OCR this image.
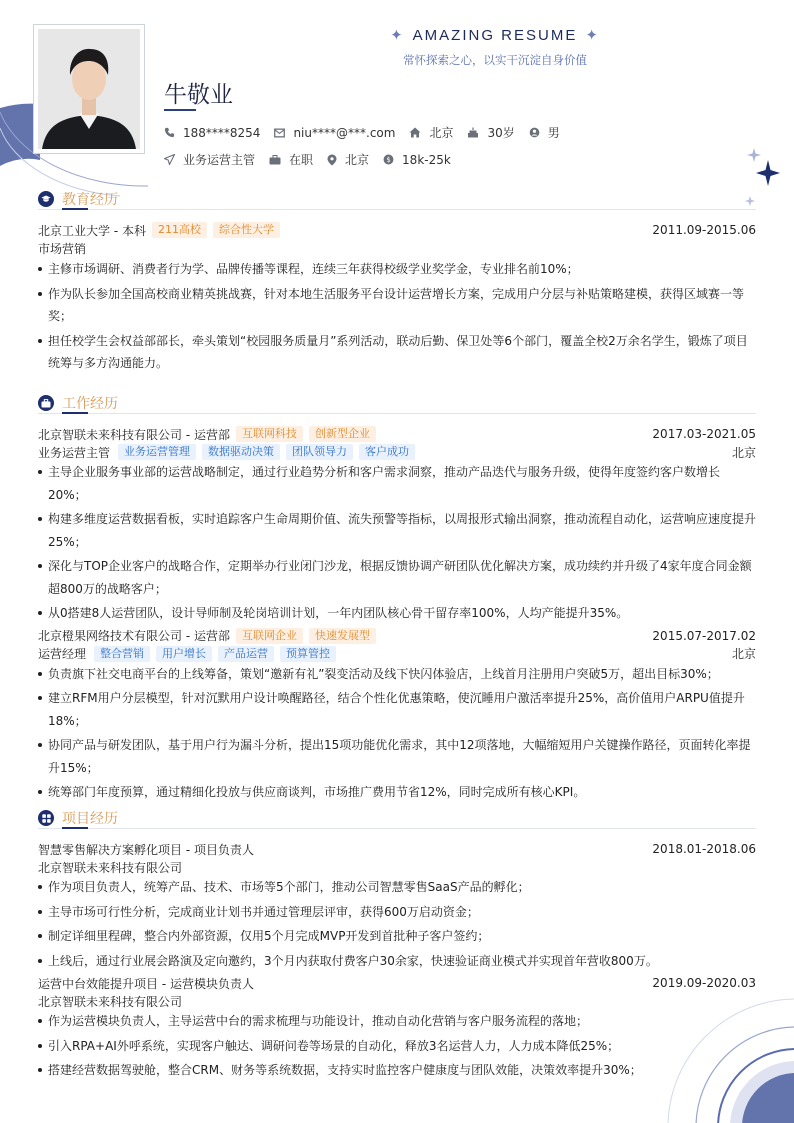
✦ AMAZING RESUME ✦
常怀探索之心，以实干沉淀自身价值
牛敬业
188****8254	niu****@***.com	北京	30岁	男
业务运营主管	在职	北京 $ 18k-25k
教育经历
北京工业大学 - 本科	211高校	综合性大学	2011.09-2015.06
市场营销
主修市场调研、消费者行为学、品牌传播等课程，连续三年获得校级学业奖学金，专业排名前10%；
作为队长参加全国高校商业精英挑战赛，针对本地生活服务平台设计运营增长方案，完成用户分层与补贴策略建模，获得区域赛一等奖；
担任校学生会权益部部长，牵头策划“校园服务质量月”系列活动，联动后勤、保卫处等6个部门，覆盖全校2万余名学生，锻炼了项目统筹与多方沟通能力。
工作经历
北京智联未来科技有限公司 - 运营部	互联网科技	创新型企业	2017.03-2021.05
业务运营主管	业务运营管理	数据驱动决策	团队领导力	客户成功	北京
主导企业服务事业部的运营战略制定，通过行业趋势分析和客户需求洞察，推动产品迭代与服务升级，使得年度签约客户数增长20%；
构建多维度运营数据看板，实时追踪客户生命周期价值、流失预警等指标，以周报形式输出洞察，推动流程自动化，运营响应速度提升25%；
深化与TOP企业客户的战略合作，定期举办行业闭门沙龙，根据反馈协调产研团队优化解决方案，成功续约并升级了4家年度合同金额超800万的战略客户；
从0搭建8人运营团队，设计导师制及轮岗培训计划，一年内团队核心骨干留存率100%，人均产能提升35%。
北京橙果网络技术有限公司 - 运营部	互联网企业	快速发展型	2015.07-2017.02
运营经理	整合营销	用户增长	产品运营	预算管控	北京
负责旗下社交电商平台的上线筹备，策划“邀新有礼”裂变活动及线下快闪体验店，上线首月注册用户突破5万，超出目标30%；
建立RFM用户分层模型，针对沉默用户设计唤醒路径，结合个性化优惠策略，使沉睡用户激活率提升25%，高价值用户ARPU值提升18%；
协同产品与研发团队，基于用户行为漏斗分析，提出15项功能优化需求，其中12项落地，大幅缩短用户关键操作路径，页面转化率提升15%；
统筹部门年度预算，通过精细化投放与供应商谈判，市场推广费用节省12%，同时完成所有核心KPI。
项目经历
智慧零售解决方案孵化项目 - 项目负责人	2018.01-2018.06
北京智联未来科技有限公司
作为项目负责人，统筹产品、技术、市场等5个部门，推动公司智慧零售SaaS产品的孵化；
主导市场可行性分析，完成商业计划书并通过管理层评审，获得600万启动资金；
制定详细里程碑，整合内外部资源，仅用5个月完成MVP开发到首批种子客户签约；
上线后，通过行业展会路演及定向邀约，3个月内获取付费客户30余家，快速验证商业模式并实现首年营收800万。
运营中台效能提升项目 - 运营模块负责人	2019.09-2020.03
北京智联未来科技有限公司
作为运营模块负责人，主导运营中台的需求梳理与功能设计，推动自动化营销与客户服务流程的落地；
引入RPA+AI外呼系统，实现客户触达、调研问卷等场景的自动化，释放3名运营人力，人力成本降低25%；
搭建经营数据驾驶舱，整合CRM、财务等系统数据，支持实时监控客户健康度与团队效能，决策效率提升30%；
